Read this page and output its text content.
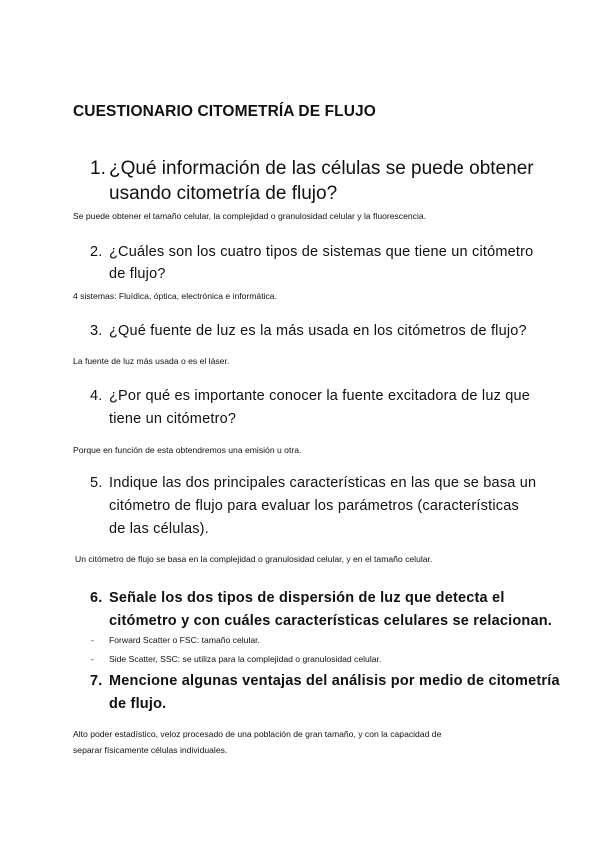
CUESTIONARIO CITOMETRÍA DE FLUJO
1. ¿Qué información de las células se puede obtener
usando citometría de flujo?
Se puede obtener el tamaño celular, la complejidad o granulosidad celular y la fluorescencia.
2. ¿Cuáles son los cuatro tipos de sistemas que tiene un citómetro
de flujo?
4 sistemas: Fluídica, óptica, electrónica e informática.
3. ¿Qué fuente de luz es la más usada en los citómetros de flujo?
La fuente de luz más usada o es el láser.
4. ¿Por qué es importante conocer la fuente excitadora de luz que
tiene un citómetro?
Porque en función de esta obtendremos una emisión u otra.
5. Indique las dos principales características en las que se basa un
citómetro de flujo para evaluar los parámetros (características
de las células).
Un citómetro de flujo se basa en la complejidad o granulosidad celular, y en el tamaño celular.
6. Señale los dos tipos de dispersión de luz que detecta el
citómetro y con cuáles características celulares se relacionan.
- Forward Scatter o FSC: tamaño celular.
- Side Scatter, SSC: se utiliza para la complejidad o granulosidad celular.
7. Mencione algunas ventajas del análisis por medio de citometría
de flujo.
Alto poder estadístico, veloz procesado de una población de gran tamaño, y con la capacidad de
separar físicamente células individuales.
